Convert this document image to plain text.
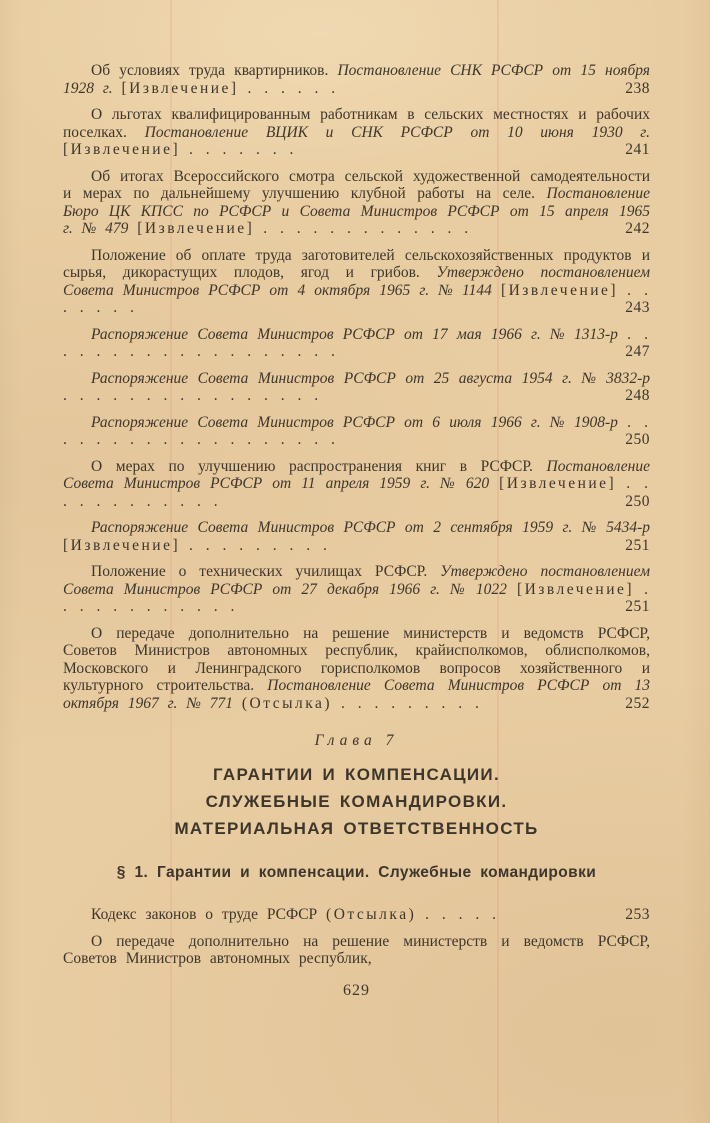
Об условиях труда квартирников. Постановление СНК РСФСР от 15 ноября 1928 г. [Извлечение] . . . . . .	238
О льготах квалифицированным работникам в сельских местностях и рабочих поселках. Постановление ВЦИК и СНК РСФСР от 10 июня 1930 г. [Извлечение] . . . . . . .	241
Об итогах Всероссийского смотра сельской художественной самодеятельности и мерах по дальнейшему улучшению клубной работы на селе. Постановление Бюро ЦК КПСС по РСФСР и Совета Министров РСФСР от 15 апреля 1965 г. № 479 [Извлечение] . . . . . . . . . . . . .	242
Положение об оплате труда заготовителей сельскохозяйственных продуктов и сырья, дикорастущих плодов, ягод и грибов. Утверждено постановлением Совета Министров РСФСР от 4 октября 1965 г. № 1144 [Извлечение] . . . . . . .	243
Распоряжение Совета Министров РСФСР от 17 мая 1966 г. № 1313-р . . . . . . . . . . . . . . . . . . .	247
Распоряжение Совета Министров РСФСР от 25 августа 1954 г. № 3832-р . . . . . . . . . . . . . . . .	248
Распоряжение Совета Министров РСФСР от 6 июля 1966 г. № 1908-р . . . . . . . . . . . . . . . . . . .	250
О мерах по улучшению распространения книг в РСФСР. Постановление Совета Министров РСФСР от 11 апреля 1959 г. № 620 [Извлечение] . . . . . . . . . . . .	250
Распоряжение Совета Министров РСФСР от 2 сентября 1959 г. № 5434-р [Извлечение] . . . . . . . . .	251
Положение о технических училищах РСФСР. Утверждено постановлением Совета Министров РСФСР от 27 декабря 1966 г. № 1022 [Извлечение] . . . . . . . . . . . .	251
О передаче дополнительно на решение министерств и ведомств РСФСР, Советов Министров автономных республик, крайисполкомов, облисполкомов, Московского и Ленинградского горисполкомов вопросов хозяйственного и культурного строительства. Постановление Совета Министров РСФСР от 13 октября 1967 г. № 771 (Отсылка) . . . . . . . . .	252
Глава 7
ГАРАНТИИ И КОМПЕНСАЦИИ.
СЛУЖЕБНЫЕ КОМАНДИРОВКИ.
МАТЕРИАЛЬНАЯ ОТВЕТСТВЕННОСТЬ
§ 1. Гарантии и компенсации. Служебные командировки
Кодекс законов о труде РСФСР (Отсылка) . . . . .	253
О передаче дополнительно на решение министерств и ведомств РСФСР, Советов Министров автономных республик,
629
